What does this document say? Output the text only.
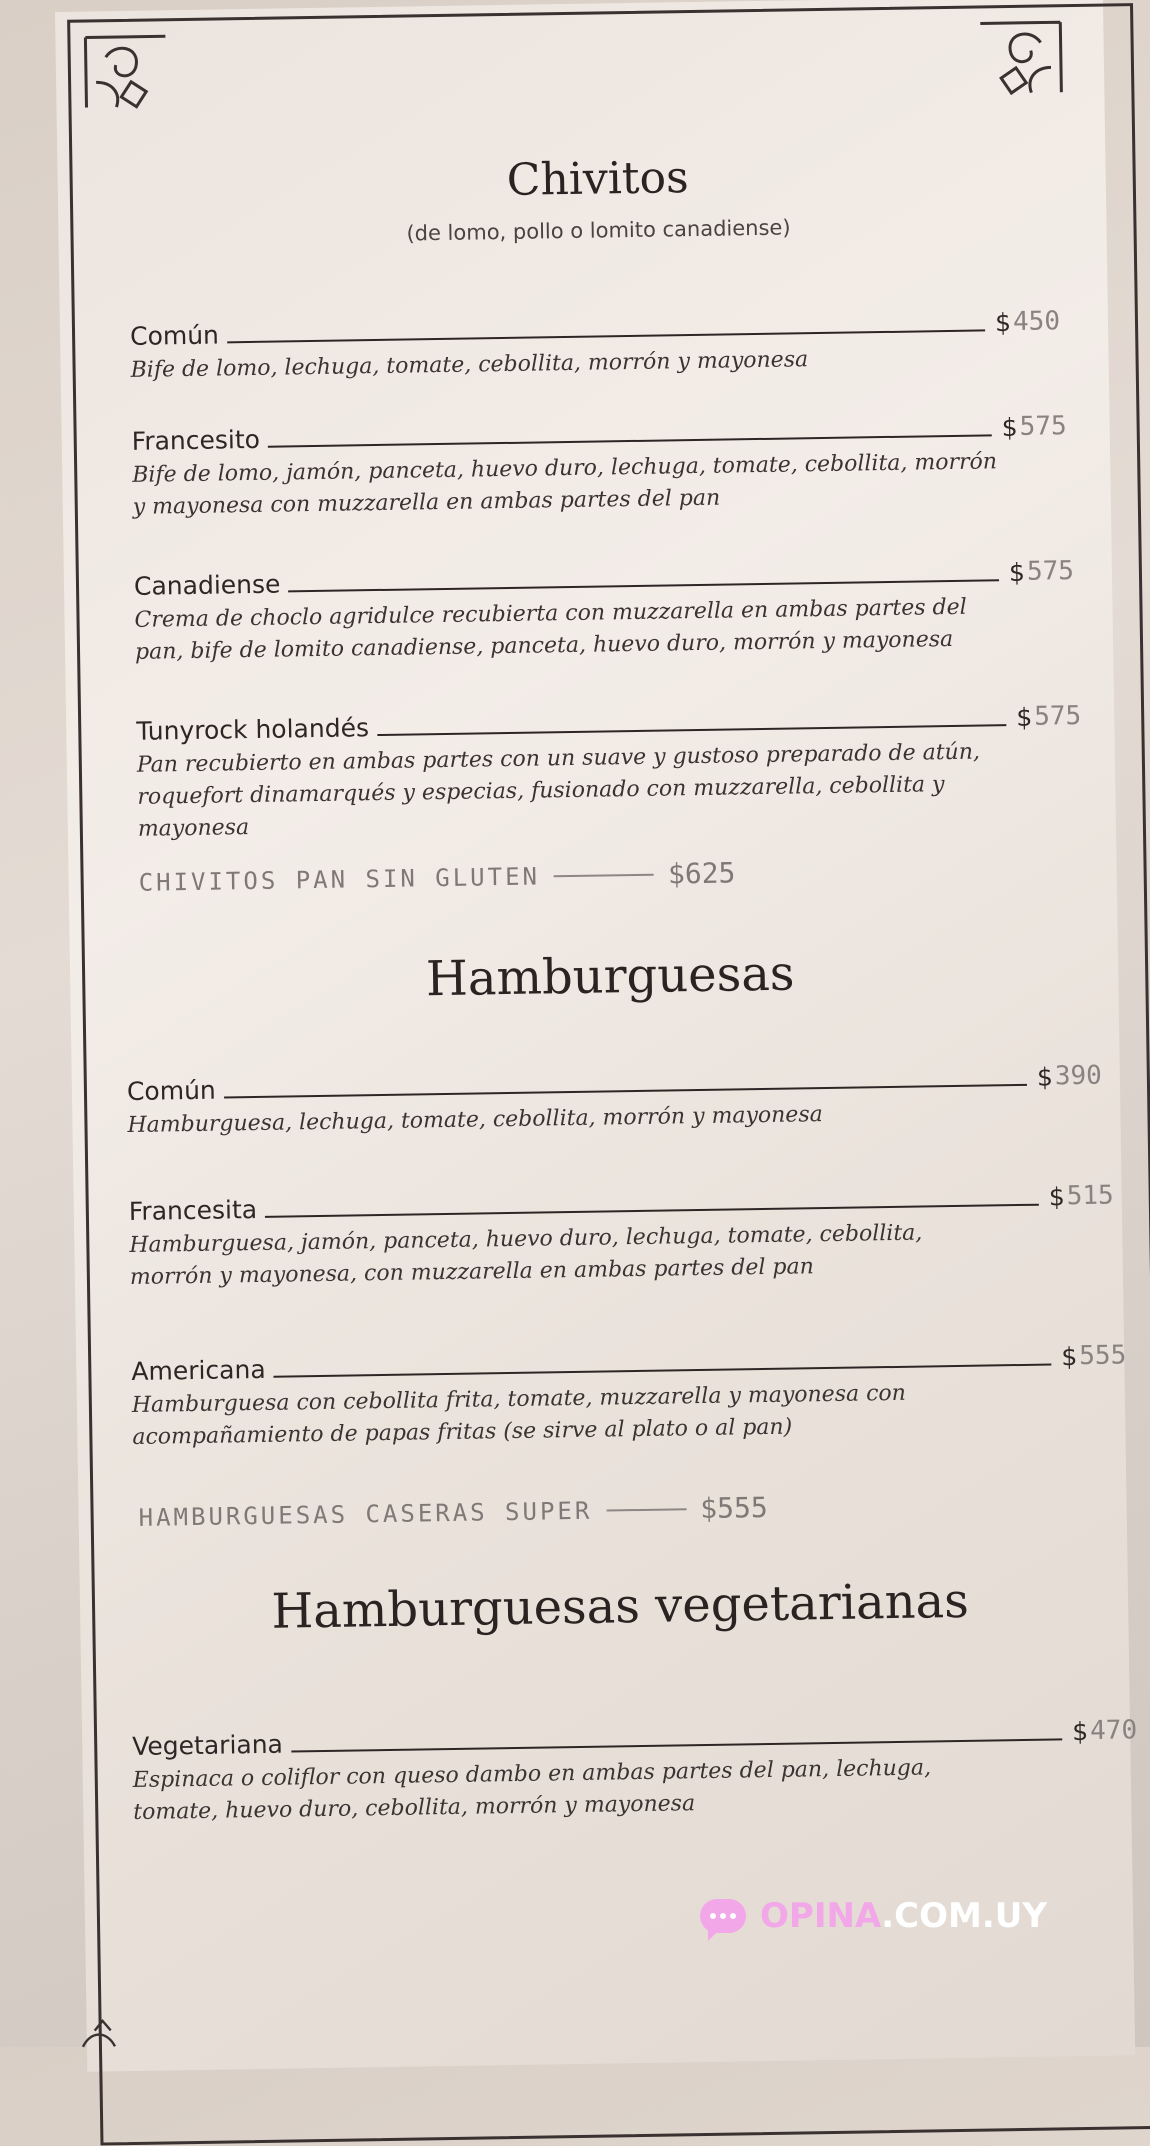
Chivitos
(de lomo, pollo o lomito canadiense)
Común	$ 450
Bife de lomo, lechuga, tomate, cebollita, morrón y mayonesa
Francesito	$ 575
Bife de lomo, jamón, panceta, huevo duro, lechuga, tomate, cebollita, morrón
y mayonesa con muzzarella en ambas partes del pan
Canadiense	$ 575
Crema de choclo agridulce recubierta con muzzarella en ambas partes del
pan, bife de lomito canadiense, panceta, huevo duro, morrón y mayonesa
Tunyrock holandés	$ 575
Pan recubierto en ambas partes con un suave y gustoso preparado de atún,
roquefort dinamarqués y especias, fusionado con muzzarella, cebollita y
mayonesa
CHIVITOS PAN SIN GLUTEN	$625
Hamburguesas
Común	$ 390
Hamburguesa, lechuga, tomate, cebollita, morrón y mayonesa
Francesita	$ 515
Hamburguesa, jamón, panceta, huevo duro, lechuga, tomate, cebollita,
morrón y mayonesa, con muzzarella en ambas partes del pan
Americana	$ 555
Hamburguesa con cebollita frita, tomate, muzzarella y mayonesa con
acompañamiento de papas fritas (se sirve al plato o al pan)
HAMBURGUESAS CASERAS SUPER	$555
Hamburguesas vegetarianas
Vegetariana	$ 470
Espinaca o coliflor con queso dambo en ambas partes del pan, lechuga,
tomate, huevo duro, cebollita, morrón y mayonesa
OPINA .COM.UY
